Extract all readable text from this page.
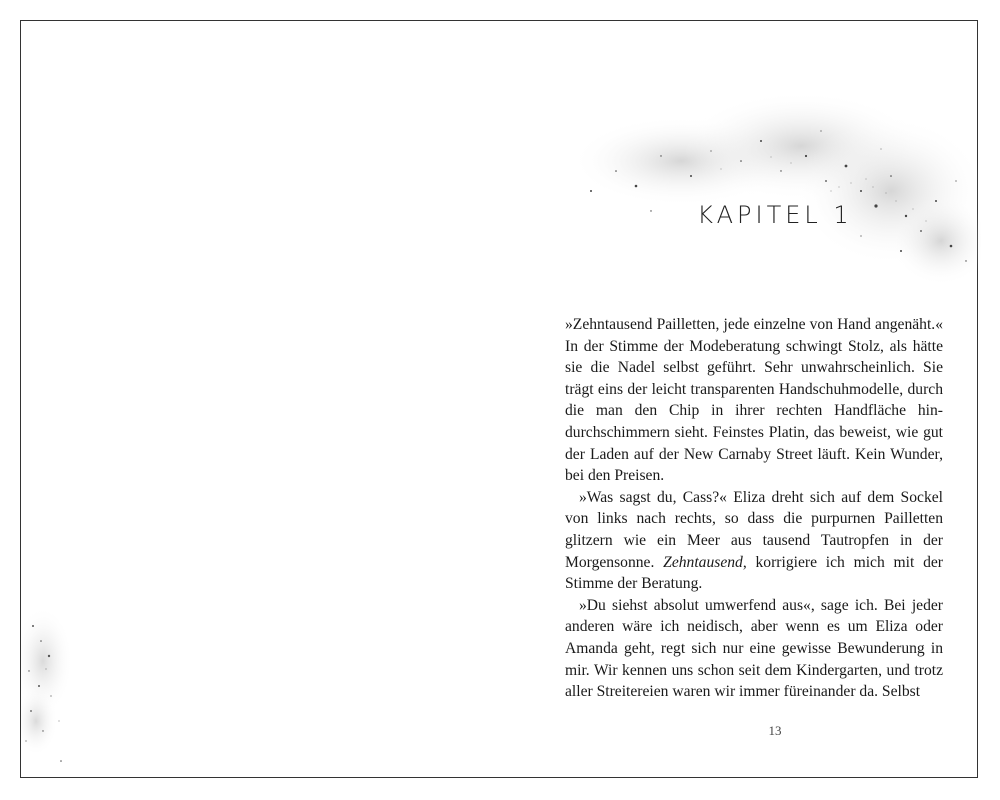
KAPITEL 1

»Zehntausend Pailletten, jede einzelne von Hand angenäht.« In der Stimme der Modeberatung schwingt Stolz, als hätte sie die Nadel selbst geführt. Sehr unwahrscheinlich. Sie trägt eins der leicht transparenten Handschuhmodelle, durch die man den Chip in ihrer rechten Handfläche hindurchschimmern sieht. Feinstes Platin, das beweist, wie gut der Laden auf der New Carnaby Street läuft. Kein Wunder, bei den Preisen.

»Was sagst du, Cass?« Eliza dreht sich auf dem Sockel von links nach rechts, so dass die purpurnen Pailletten glitzern wie ein Meer aus tausend Tautropfen in der Morgensonne. Zehntausend, korrigiere ich mich mit der Stimme der Beratung.

»Du siehst absolut umwerfend aus«, sage ich. Bei jeder anderen wäre ich neidisch, aber wenn es um Eliza oder Amanda geht, regt sich nur eine gewisse Bewunderung in mir. Wir kennen uns schon seit dem Kindergarten, und trotz aller Streitereien waren wir immer füreinander da. Selbst

13
